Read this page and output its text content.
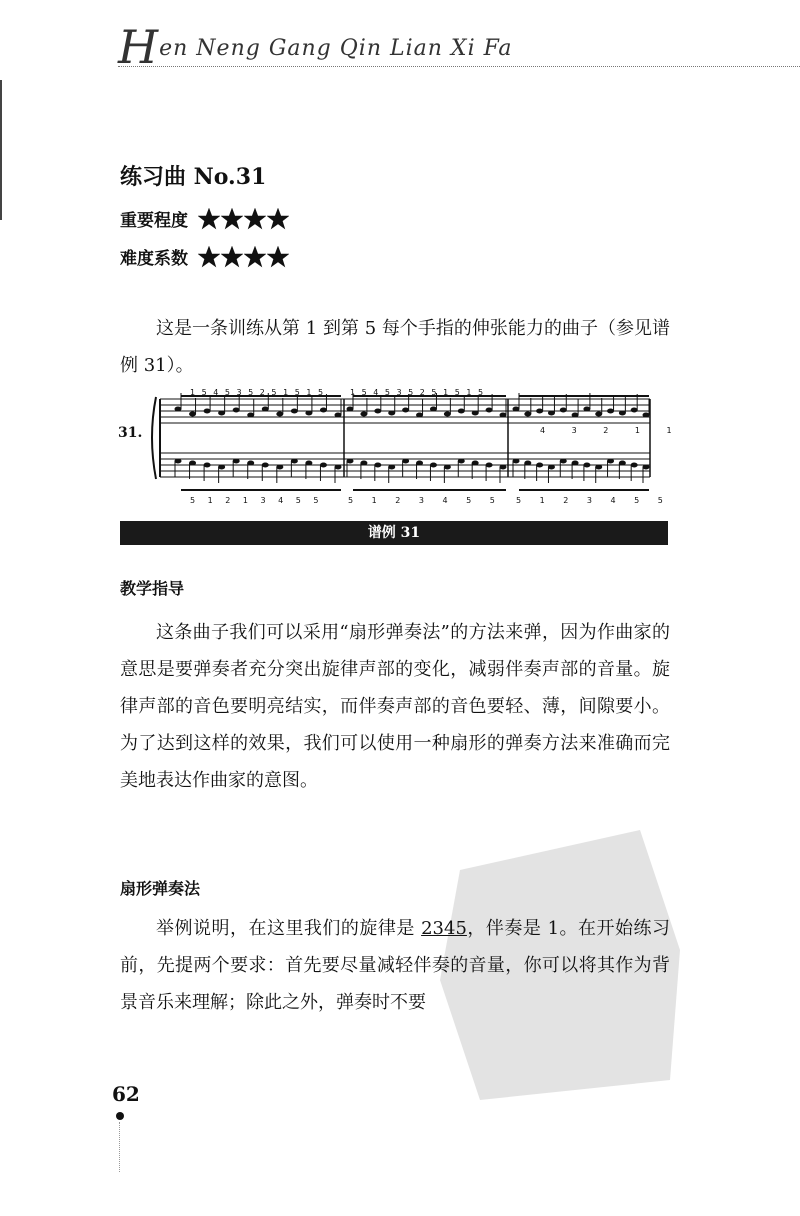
Hen Neng Gang Qin Lian Xi Fa
练习曲 No.31
重要程度
难度系数
这是一条训练从第 1 到第 5 每个手指的伸张能力的曲子（参见谱例 31）。
31.
1 5 4 5 3 5 2 5 1 5 1 5	1 5 4 5 3 5 2 5 1 5 1 5
4 3 2 1 1
5 1 2 1 3 4 5 5	5 1 2 3 4 5 5 5 1 2 3 4 5 5
谱例 31
教学指导
这条曲子我们可以采用“扇形弹奏法”的方法来弹，因为作曲家的意思是要弹奏者充分突出旋律声部的变化，减弱伴奏声部的音量。旋律声部的音色要明亮结实，而伴奏声部的音色要轻、薄，间隙要小。为了达到这样的效果，我们可以使用一种扇形的弹奏方法来准确而完美地表达作曲家的意图。
扇形弹奏法
举例说明，在这里我们的旋律是 2345，伴奏是 1。在开始练习前，先提两个要求：首先要尽量减轻伴奏的音量，你可以将其作为背景音乐来理解；除此之外，弹奏时不要
62
